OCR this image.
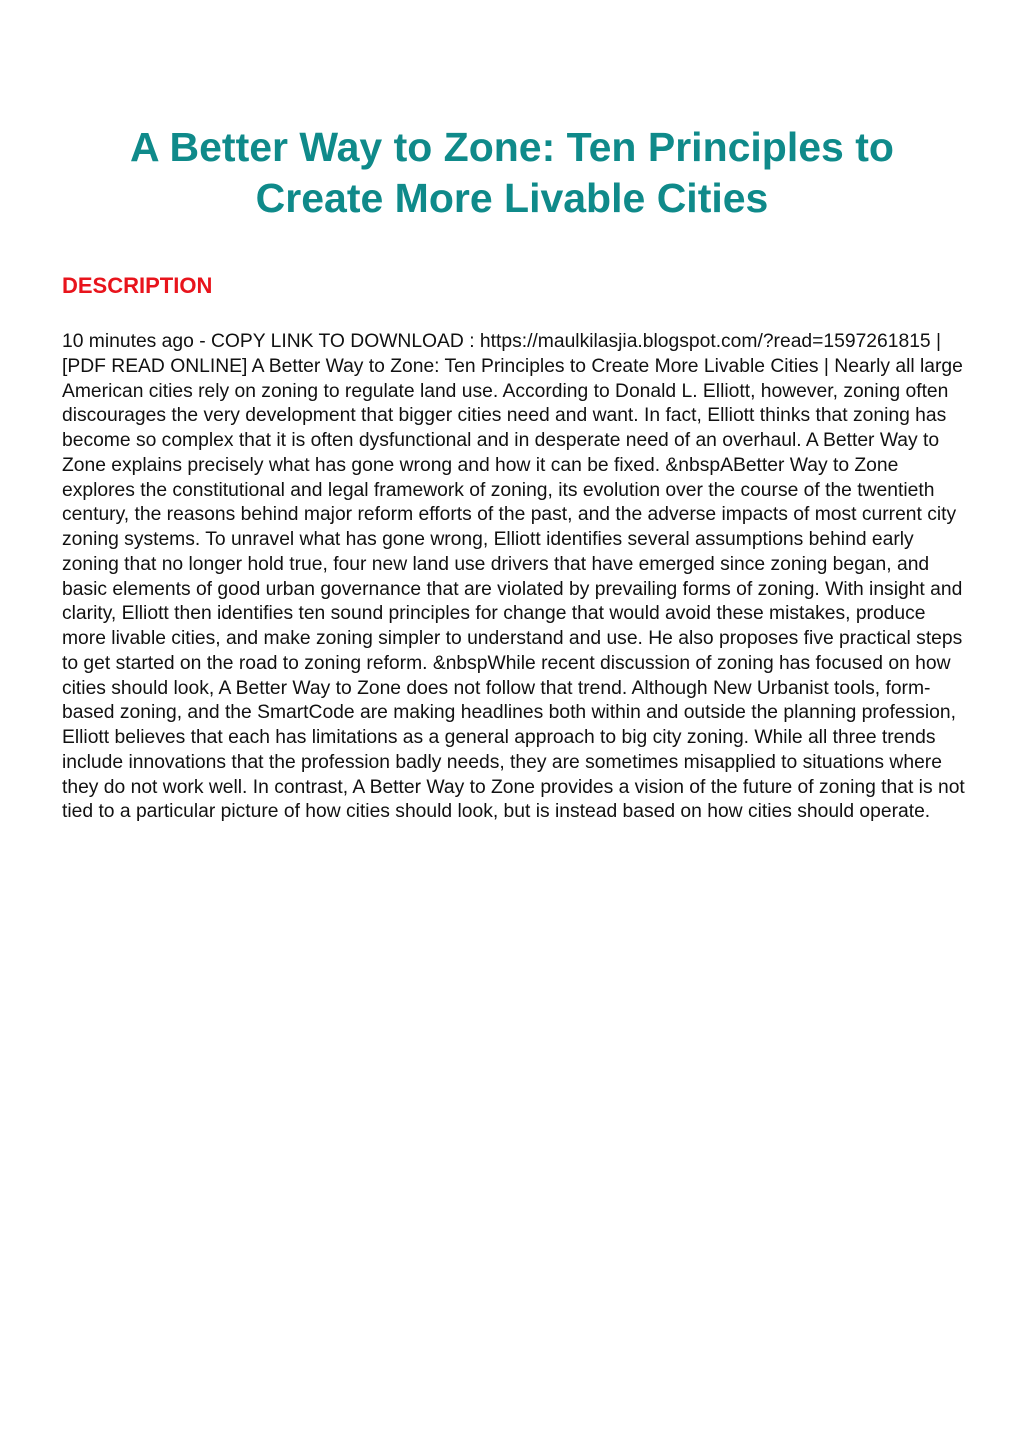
A Better Way to Zone: Ten Principles to Create More Livable Cities
DESCRIPTION

10 minutes ago - COPY LINK TO DOWNLOAD : https://maulkilasjia.blogspot.com/?read=1597261815 | [PDF READ ONLINE] A Better Way to Zone: Ten Principles to Create More Livable Cities | Nearly all large American cities rely on zoning to regulate land use. According to Donald L. Elliott, however, zoning often discourages the very development that bigger cities need and want. In fact, Elliott thinks that zoning has become so complex that it is often dysfunctional and in desperate need of an overhaul. A Better Way to Zone explains precisely what has gone wrong and how it can be fixed. &nbspABetter Way to Zone explores the constitutional and legal framework of zoning, its evolution over the course of the twentieth century, the reasons behind major reform efforts of the past, and the adverse impacts of most current city zoning systems. To unravel what has gone wrong, Elliott identifies several assumptions behind early zoning that no longer hold true, four new land use drivers that have emerged since zoning began, and basic elements of good urban governance that are violated by prevailing forms of zoning. With insight and clarity, Elliott then identifies ten sound principles for change that would avoid these mistakes, produce more livable cities, and make zoning simpler to understand and use. He also proposes five practical steps to get started on the road to zoning reform. &nbspWhile recent discussion of zoning has focused on how cities should look, A Better Way to Zone does not follow that trend. Although New Urbanist tools, form-based zoning, and the SmartCode are making headlines both within and outside the planning profession, Elliott believes that each has limitations as a general approach to big city zoning. While all three trends include innovations that the profession badly needs, they are sometimes misapplied to situations where they do not work well. In contrast, A Better Way to Zone provides a vision of the future of zoning that is not tied to a particular picture of how cities should look, but is instead based on how cities should operate.
